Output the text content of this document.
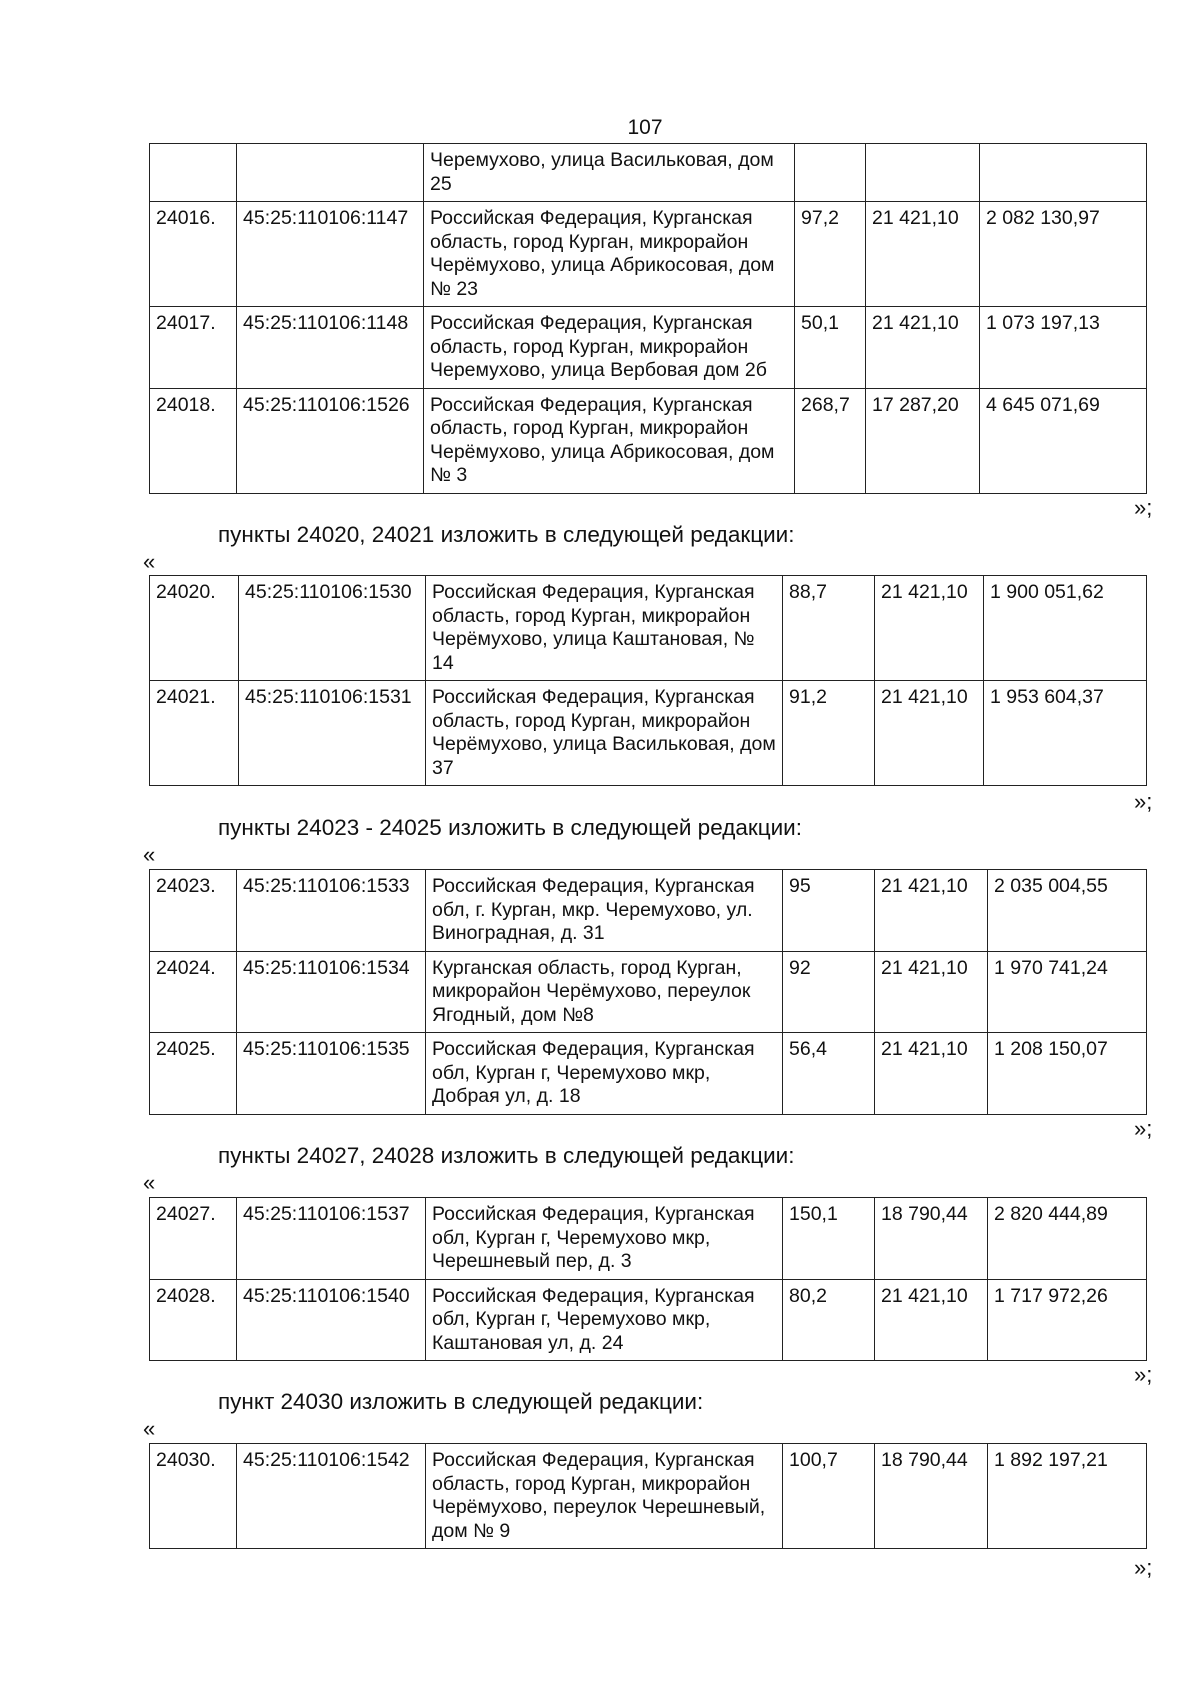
107
		Черемухово, улица Васильковая, дом 25			
24016.	45:25:110106:1147	Российская Федерация, Курганская область, город Курган, микрорайон Черёмухово, улица Абрикосовая, дом № 23	97,2	21 421,10	2 082 130,97
24017.	45:25:110106:1148	Российская Федерация, Курганская область, город Курган, микрорайон Черемухово, улица Вербовая дом 2б	50,1	21 421,10	1 073 197,13
24018.	45:25:110106:1526	Российская Федерация, Курганская область, город Курган, микрорайон Черёмухово, улица Абрикосовая, дом № 3	268,7	17 287,20	4 645 071,69
»;
пункты 24020, 24021 изложить в следующей редакции:
«
24020.	45:25:110106:1530	Российская Федерация, Курганская область, город Курган, микрорайон Черёмухово, улица Каштановая, № 14	88,7	21 421,10	1 900 051,62
24021.	45:25:110106:1531	Российская Федерация, Курганская область, город Курган, микрорайон Черёмухово, улица Васильковая, дом 37	91,2	21 421,10	1 953 604,37
»;
пункты 24023 - 24025 изложить в следующей редакции:
«
24023.	45:25:110106:1533	Российская Федерация, Курганская обл, г. Курган, мкр. Черемухово, ул. Виноградная, д. 31	95	21 421,10	2 035 004,55
24024.	45:25:110106:1534	Курганская область, город Курган, микрорайон Черёмухово, переулок Ягодный, дом №8	92	21 421,10	1 970 741,24
24025.	45:25:110106:1535	Российская Федерация, Курганская обл, Курган г, Черемухово мкр, Добрая ул, д. 18	56,4	21 421,10	1 208 150,07
»;
пункты 24027, 24028 изложить в следующей редакции:
«
24027.	45:25:110106:1537	Российская Федерация, Курганская обл, Курган г, Черемухово мкр, Черешневый пер, д. 3	150,1	18 790,44	2 820 444,89
24028.	45:25:110106:1540	Российская Федерация, Курганская обл, Курган г, Черемухово мкр, Каштановая ул, д. 24	80,2	21 421,10	1 717 972,26
»;
пункт 24030 изложить в следующей редакции:
«
24030.	45:25:110106:1542	Российская Федерация, Курганская область, город Курган, микрорайон Черёмухово, переулок Черешневый, дом № 9	100,7	18 790,44	1 892 197,21
»;
